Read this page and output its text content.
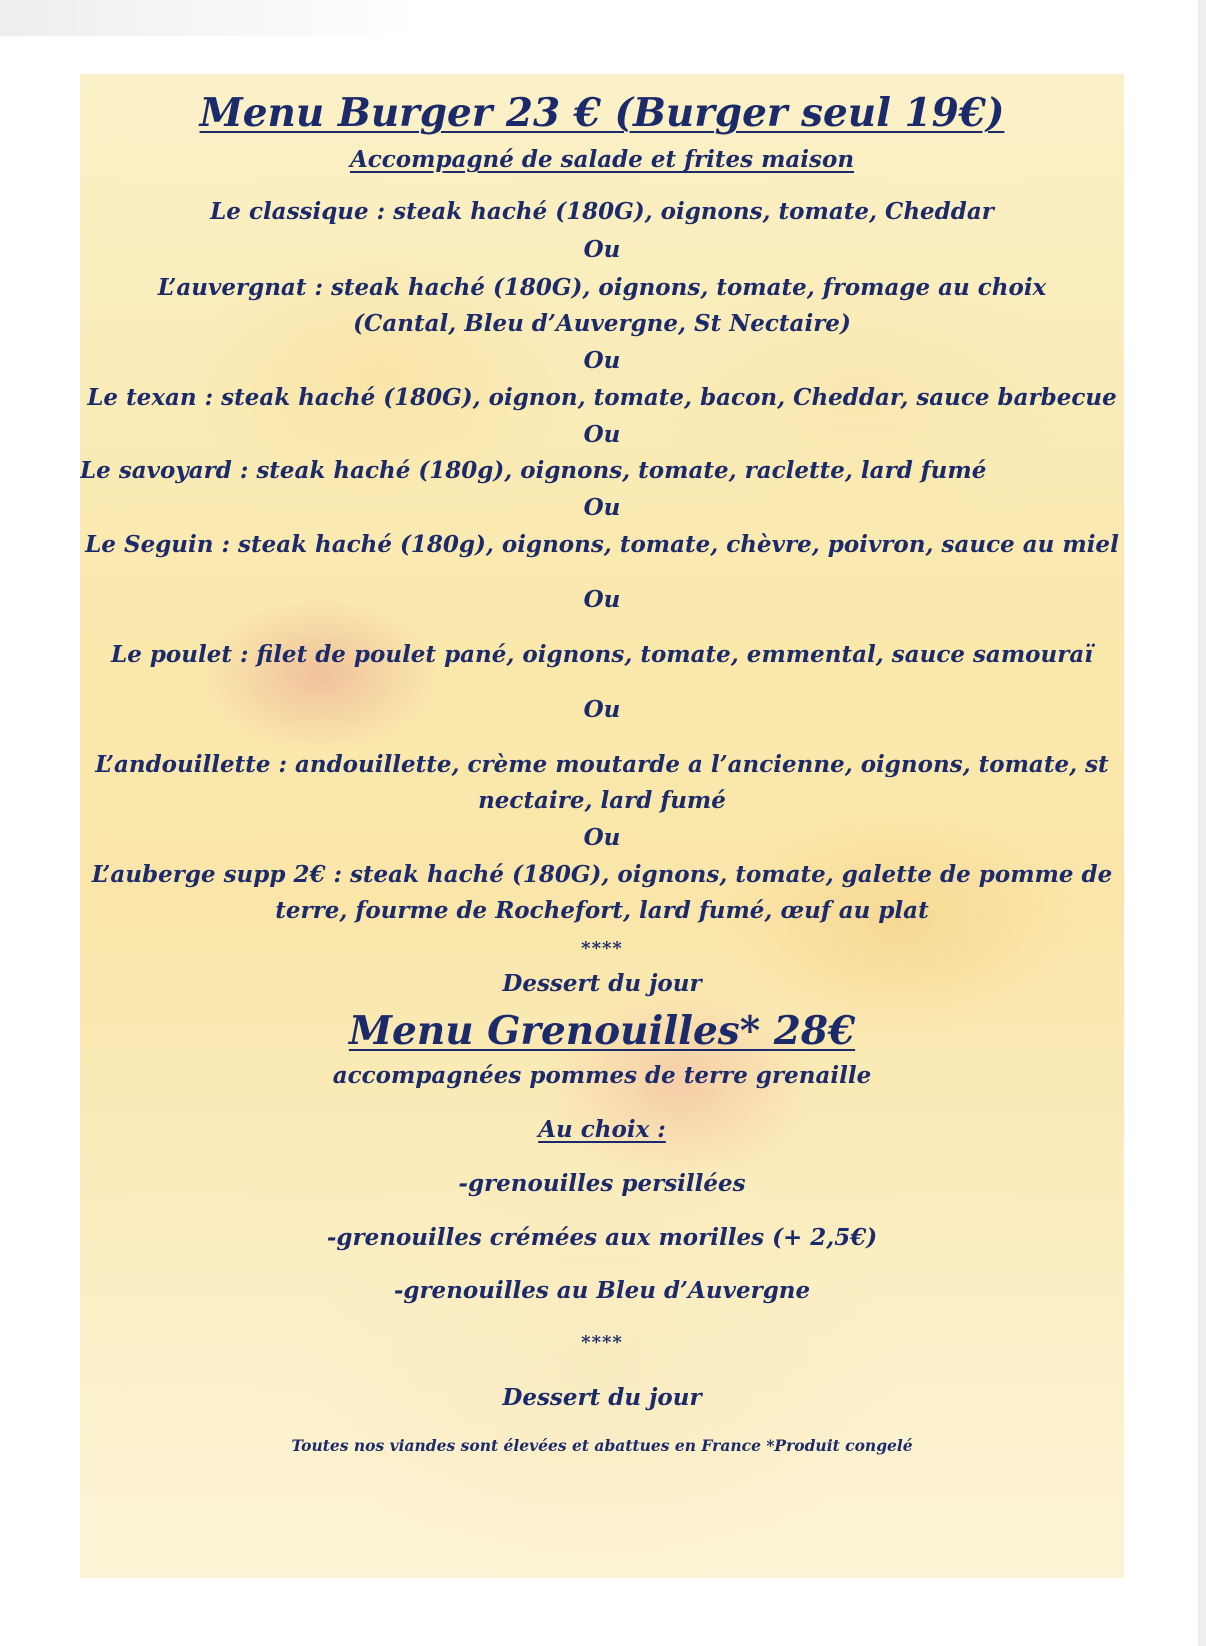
Menu Burger 23 € (Burger seul 19€)
Accompagné de salade et frites maison
Le classique : steak haché (180G), oignons, tomate, Cheddar
Ou
L’auvergnat : steak haché (180G), oignons, tomate, fromage au choix
(Cantal, Bleu d’Auvergne, St Nectaire)
Ou
Le texan : steak haché (180G), oignon, tomate, bacon, Cheddar, sauce barbecue
Ou
Le savoyard : steak haché (180g), oignons, tomate, raclette, lard fumé
Ou
Le Seguin : steak haché (180g), oignons, tomate, chèvre, poivron, sauce au miel
Ou
Le poulet : filet de poulet pané, oignons, tomate, emmental, sauce samouraï
Ou
L’andouillette : andouillette, crème moutarde a l’ancienne, oignons, tomate, st
nectaire, lard fumé
Ou
L’auberge supp 2€ : steak haché (180G), oignons, tomate, galette de pomme de
terre, fourme de Rochefort, lard fumé, œuf au plat
****
Dessert du jour
Menu Grenouilles* 28€
accompagnées pommes de terre grenaille
Au choix :
-grenouilles persillées
-grenouilles crémées aux morilles (+ 2,5€)
-grenouilles au Bleu d’Auvergne
****
Dessert du jour
Toutes nos viandes sont élevées et abattues en France *Produit congelé
